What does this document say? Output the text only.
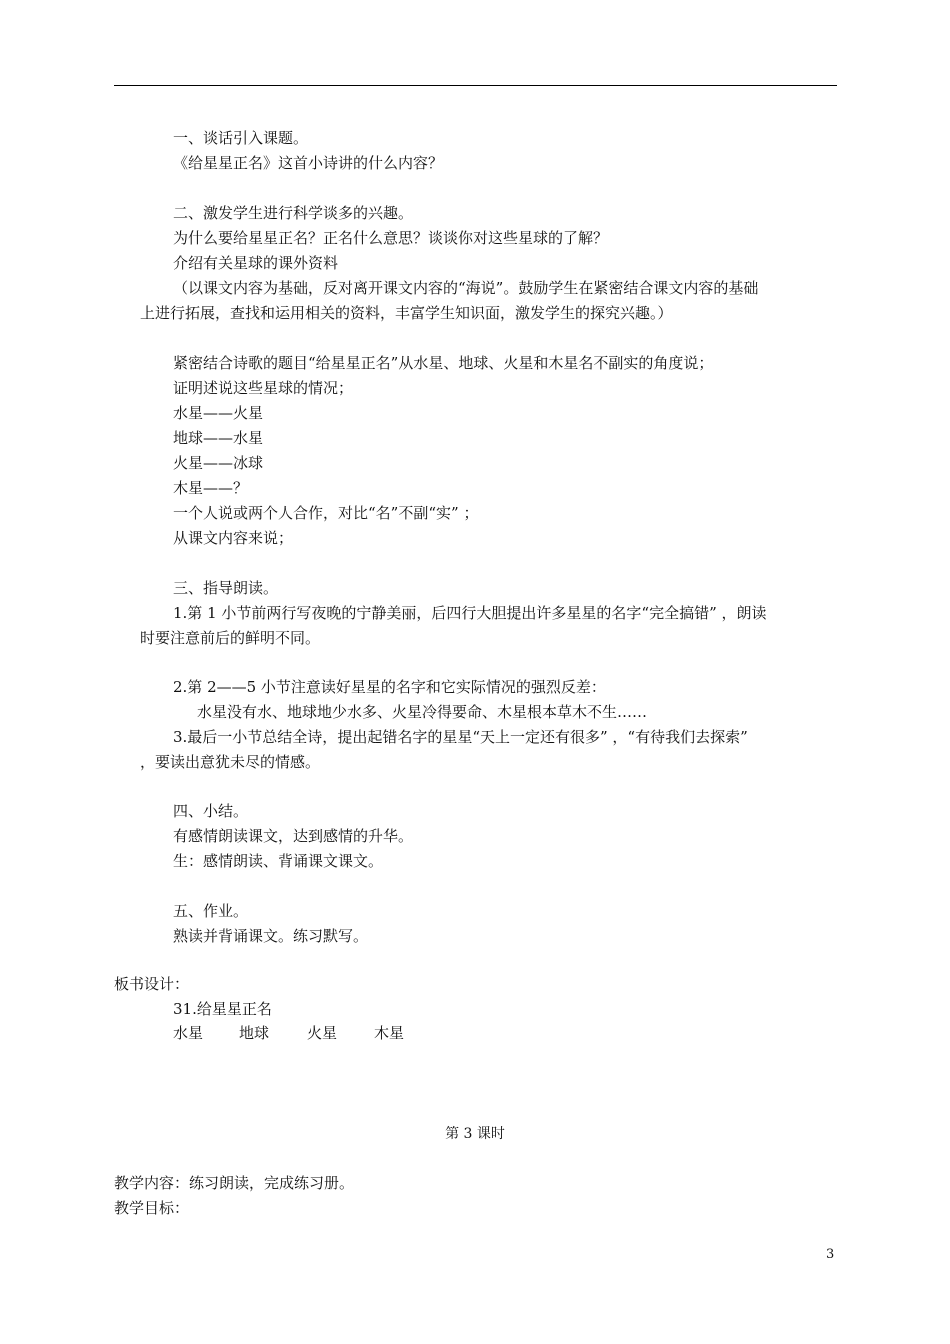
一、谈话引入课题。
《给星星正名》这首小诗讲的什么内容？
二、激发学生进行科学谈多的兴趣。
为什么要给星星正名？正名什么意思？谈谈你对这些星球的了解？
介绍有关星球的课外资料
（以课文内容为基础，反对离开课文内容的“海说”。鼓励学生在紧密结合课文内容的基础
上进行拓展，查找和运用相关的资料，丰富学生知识面，激发学生的探究兴趣。）
紧密结合诗歌的题目“给星星正名”从水星、地球、火星和木星名不副实的角度说；
证明述说这些星球的情况；
水星——火星
地球——水星
火星——冰球
木星——？
一个人说或两个人合作，对比“名”不副“实” ；
从课文内容来说；
三、指导朗读。
1.第 1 小节前两行写夜晚的宁静美丽，后四行大胆提出许多星星的名字“完全搞错” ，朗读
时要注意前后的鲜明不同。
2.第 2——5 小节注意读好星星的名字和它实际情况的强烈反差：
水星没有水、地球地少水多、火星冷得要命、木星根本草木不生……
3.最后一小节总结全诗，提出起错名字的星星“天上一定还有很多” ，“有待我们去探索”
，要读出意犹未尽的情感。
四、小结。
有感情朗读课文，达到感情的升华。
生：感情朗读、背诵课文课文。
五、作业。
熟读并背诵课文。练习默写。
板书设计：
31.给星星正名
水星	地球	火星	木星
第 3 课时
教学内容：练习朗读，完成练习册。
教学目标：
3
